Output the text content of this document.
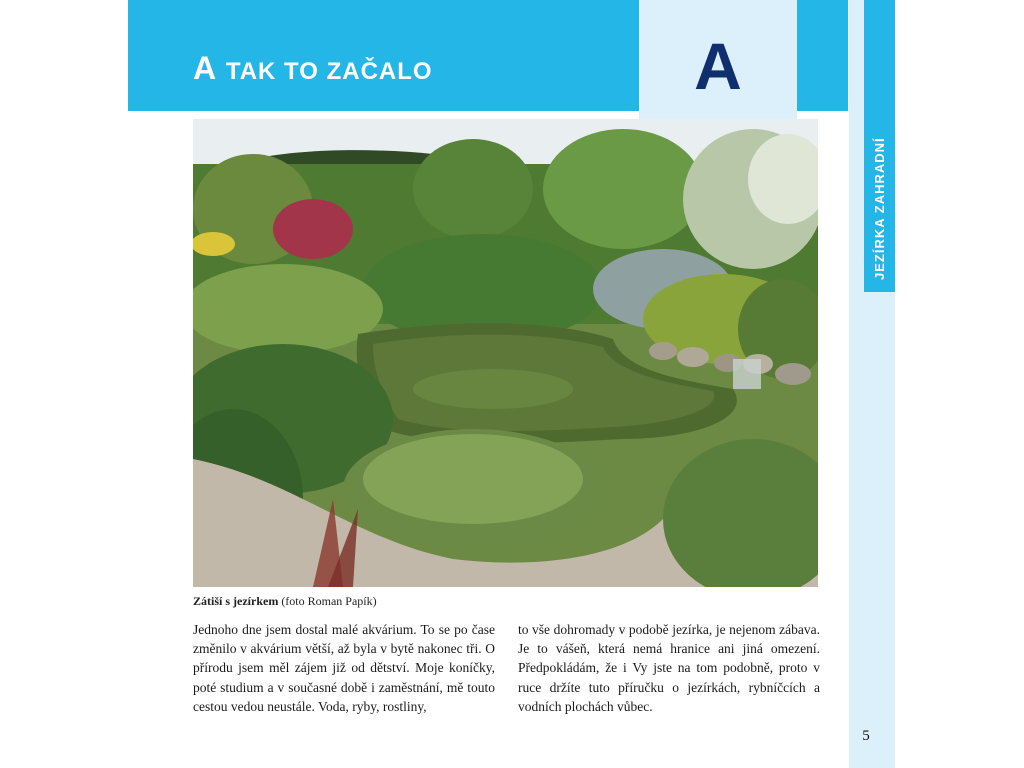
A TAK TO ZAČALO	A
JEZÍRKA ZAHRADNÍ
Zátiší s jezírkem (foto Roman Papík)
Jednoho dne jsem dostal malé akvárium. To se po čase změnilo v akvárium větší, až byla v bytě nakonec tři. O přírodu jsem měl zájem již od dětství. Moje koníčky, poté studium a v současné době i zaměstnání, mě touto cestou vedou neustále. Voda, ryby, rostliny,
to vše dohromady v podobě jezírka, je nejenom zábava. Je to vášeň, která nemá hranice ani jiná omezení. Předpokládám, že i Vy jste na tom podobně, proto v ruce držíte tuto příručku o jezírkách, rybníčcích a vodních plochách vůbec.
5
